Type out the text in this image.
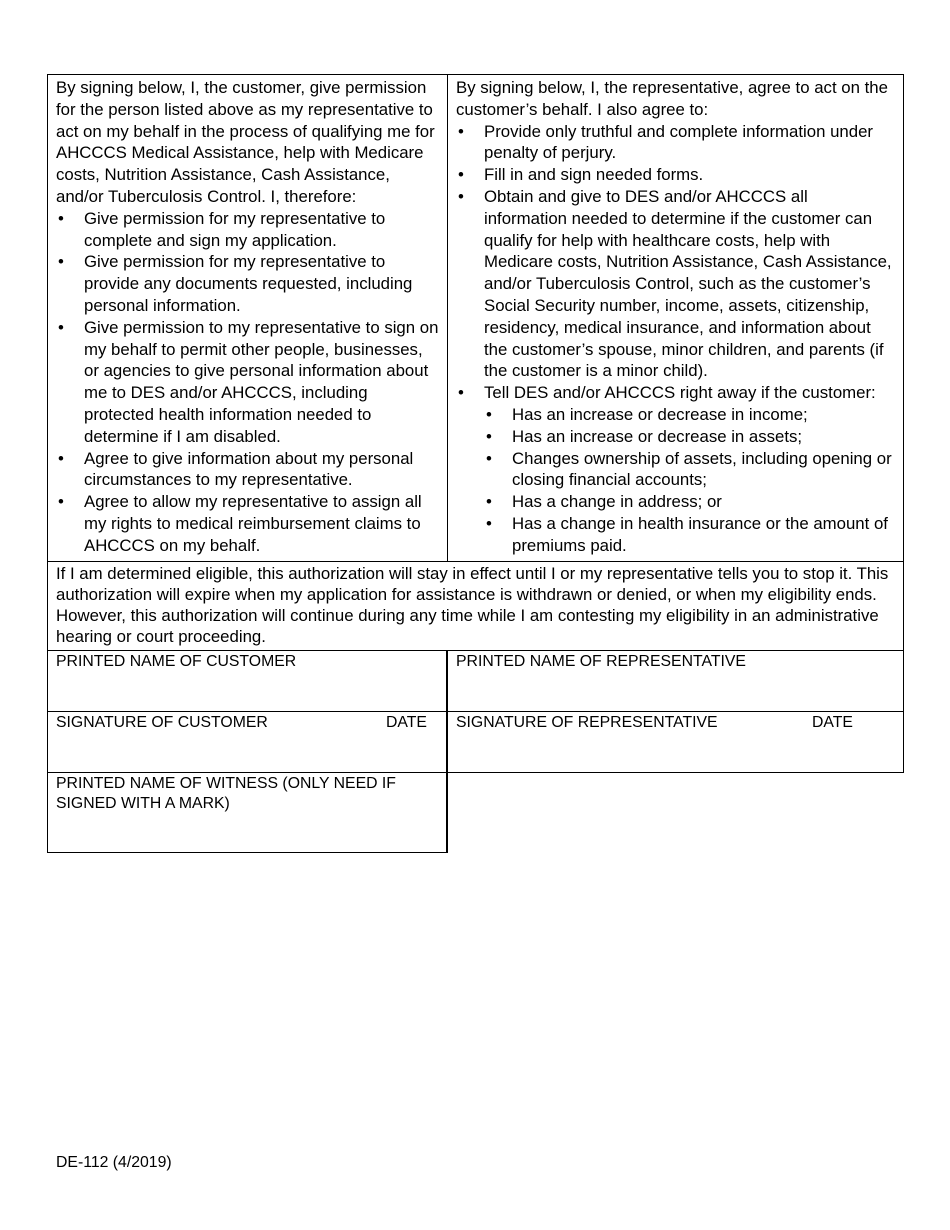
By signing below, I, the customer, give permission for the person listed above as my representative to act on my behalf in the process of qualifying me for AHCCCS Medical Assistance, help with Medicare costs, Nutrition Assistance, Cash Assistance, and/or Tuberculosis Control. I, therefore:
• Give permission for my representative to complete and sign my application.
• Give permission for my representative to provide any documents requested, including personal information.
• Give permission to my representative to sign on my behalf to permit other people, businesses, or agencies to give personal information about me to DES and/or AHCCCS, including protected health information needed to determine if I am disabled.
• Agree to give information about my personal circumstances to my representative.
• Agree to allow my representative to assign all my rights to medical reimbursement claims to AHCCCS on my behalf.
By signing below, I, the representative, agree to act on the customer’s behalf. I also agree to:
• Provide only truthful and complete information under penalty of perjury.
• Fill in and sign needed forms.
• Obtain and give to DES and/or AHCCCS all information needed to determine if the customer can qualify for help with healthcare costs, help with Medicare costs, Nutrition Assistance, Cash Assistance, and/or Tuberculosis Control, such as the customer’s Social Security number, income, assets, citizenship, residency, medical insurance, and information about the customer’s spouse, minor children, and parents (if the customer is a minor child).
• Tell DES and/or AHCCCS right away if the customer:
• Has an increase or decrease in income;
• Has an increase or decrease in assets;
• Changes ownership of assets, including opening or closing financial accounts;
• Has a change in address; or
• Has a change in health insurance or the amount of premiums paid.
If I am determined eligible, this authorization will stay in effect until I or my representative tells you to stop it. This authorization will expire when my application for assistance is withdrawn or denied, or when my eligibility ends. However, this authorization will continue during any time while I am contesting my eligibility in an administrative hearing or court proceeding.
PRINTED NAME OF CUSTOMER	PRINTED NAME OF REPRESENTATIVE
SIGNATURE OF CUSTOMER	DATE	SIGNATURE OF REPRESENTATIVE	DATE
PRINTED NAME OF WITNESS (ONLY NEED IF SIGNED WITH A MARK)
DE-112 (4/2019)
